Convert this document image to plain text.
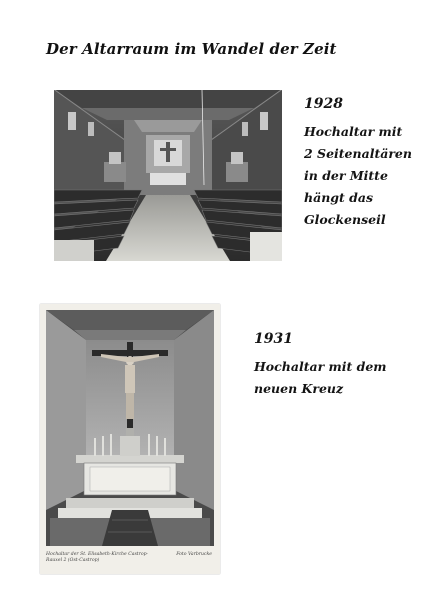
Der Altarraum im Wandel der Zeit
1928
Hochaltar mit
2 Seitenaltären
in der Mitte
hängt das
Glockenseil
Hochaltar der St. Elisabeth-Kirche Castrop-Rauxel 2 (Ost-Castrop)
Foto Varbrucke
1931
Hochaltar mit dem
neuen Kreuz
